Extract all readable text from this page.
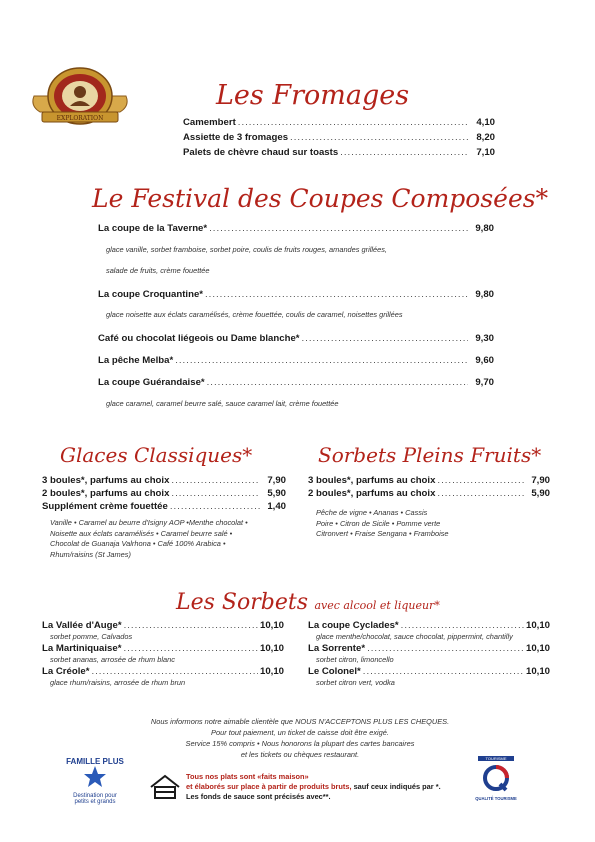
EXPLORATION
Les Fromages
Camembert .....	4,10
Assiette de 3 fromages .....	8,20
Palets de chèvre chaud sur toasts .....	7,10
Le Festival des Coupes Composées*
La coupe de la Taverne* .....	9,80
glace vanille, sorbet framboise, sorbet poire, coulis de fruits rouges, amandes grillées,
salade de fruits, crème fouettée
La coupe Croquantine* .....	9,80
glace noisette aux éclats caramélisés, crème fouettée, coulis de caramel, noisettes grillées
Café ou chocolat liégeois ou Dame blanche* .....	9,30
La pêche Melba* .....	9,60
La coupe Guérandaise* .....	9,70
glace caramel, caramel beurre salé, sauce caramel lait, crème fouettée
Glaces Classiques*
3 boules*, parfums au choix .....	7,90
2 boules*, parfums au choix .....	5,90
Supplément crème fouettée .....	1,40
Vanille • Caramel au beurre d'Isigny AOP •Menthe chocolat •
Noisette aux éclats caramélisés • Caramel beurre salé •
Chocolat de Guanaja Valrhona • Café 100% Arabica •
Rhum/raisins (St James)
Sorbets Pleins Fruits*
3 boules*, parfums au choix .....	7,90
2 boules*, parfums au choix .....	5,90
Pêche de vigne • Ananas • Cassis
Poire • Citron de Sicile • Pomme verte
Citronvert • Fraise Sengana • Framboise
Les Sorbets avec alcool et liqueur*
La Vallée d'Auge* .....	10,10
sorbet pomme, Calvados
La coupe Cyclades* .....	10,10
glace menthe/chocolat, sauce chocolat, pippermint, chantilly
La Martiniquaise* .....	10,10
sorbet ananas, arrosée de rhum blanc
La Sorrente* .....	10,10
sorbet citron, limoncello
La Créole* .....	10,10
glace rhum/raisins, arrosée de rhum brun
Le Colonel* .....	10,10
sorbet citron vert, vodka
Nous informons notre aimable clientèle que NOUS N'ACCEPTONS PLUS LES CHEQUES.
Pour tout paiement, un ticket de caisse doit être exigé.
Service 15% compris • Nous honorons la plupart des cartes bancaires
et les tickets ou chèques restaurant.
FAMILLE PLUS
Destination pour
petits et grands
Tous nos plats sont «faits maison»
et élaborés sur place à partir de produits bruts, sauf ceux indiqués par *.
Les fonds de sauce sont précisés avec**.
TOURISME
QUALITÉ TOURISME
